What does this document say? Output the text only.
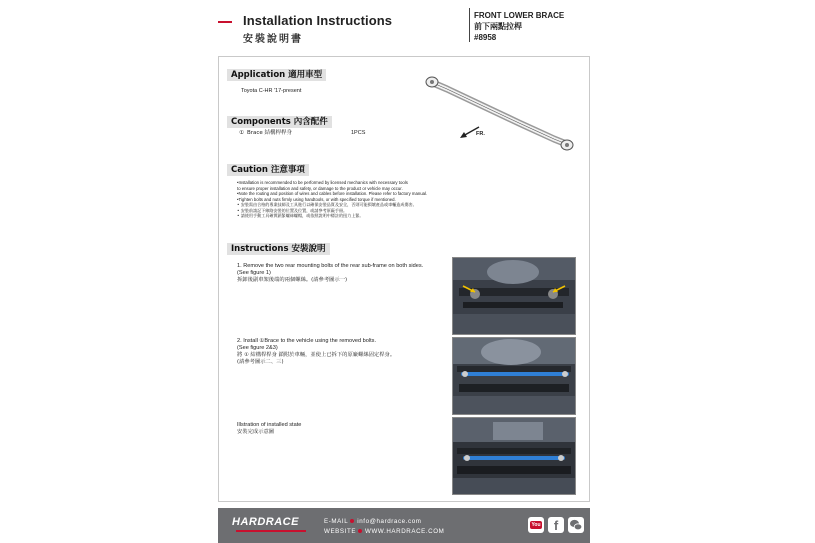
Installation Instructions
安裝說明書
FRONT LOWER BRACE
前下兩點拉桿
#8958
Application 適用車型
Toyota C-HR '17-present
FR.
Components 內含配件
① Brace 結構桿桿身	1PCS
Caution 注意事項
•Installation is recommended to be performed by licensed mechanics with necessary tools
to ensure proper installation and safety, or damage to the product or vehicle may occur.
•Note the routing and position of wires and cables before installation. Please refer to factory manual.
•Tighten bolts and nuts firmly using handtools, or with specified torque if mentioned.
• 安裝需由合格的專業技師及工具進行以確保安裝品質及安全，否則可能損壞產品或車輛造成傷害。
• 安裝前請記下線路安裝的位置及位置，或請參考原廠手冊。
• 請使用手動工具確實鎖緊螺絲螺帽，或依照說明中標註的扭力上緊。
Instructions 安裝說明
1. Remove the two rear mounting bolts of the rear sub-frame on both sides.
(See figure 1)
拆卸後副車架後端的兩個螺絲。(請參考圖示一)
2. Install ①Brace to the vehicle using the removed bolts.
(See figure 2&3)
將 ① 結構桿桿身 鎖附於車輛，並使上已拆下的原廠螺絲固定桿身。
(請參考圖示二、三)
Illstration of installed state
安裝完成示意圖
HARDRACE	E-MAIL info@hardrace.com
WEBSITE WWW.HARDRACE.COM
You	f
